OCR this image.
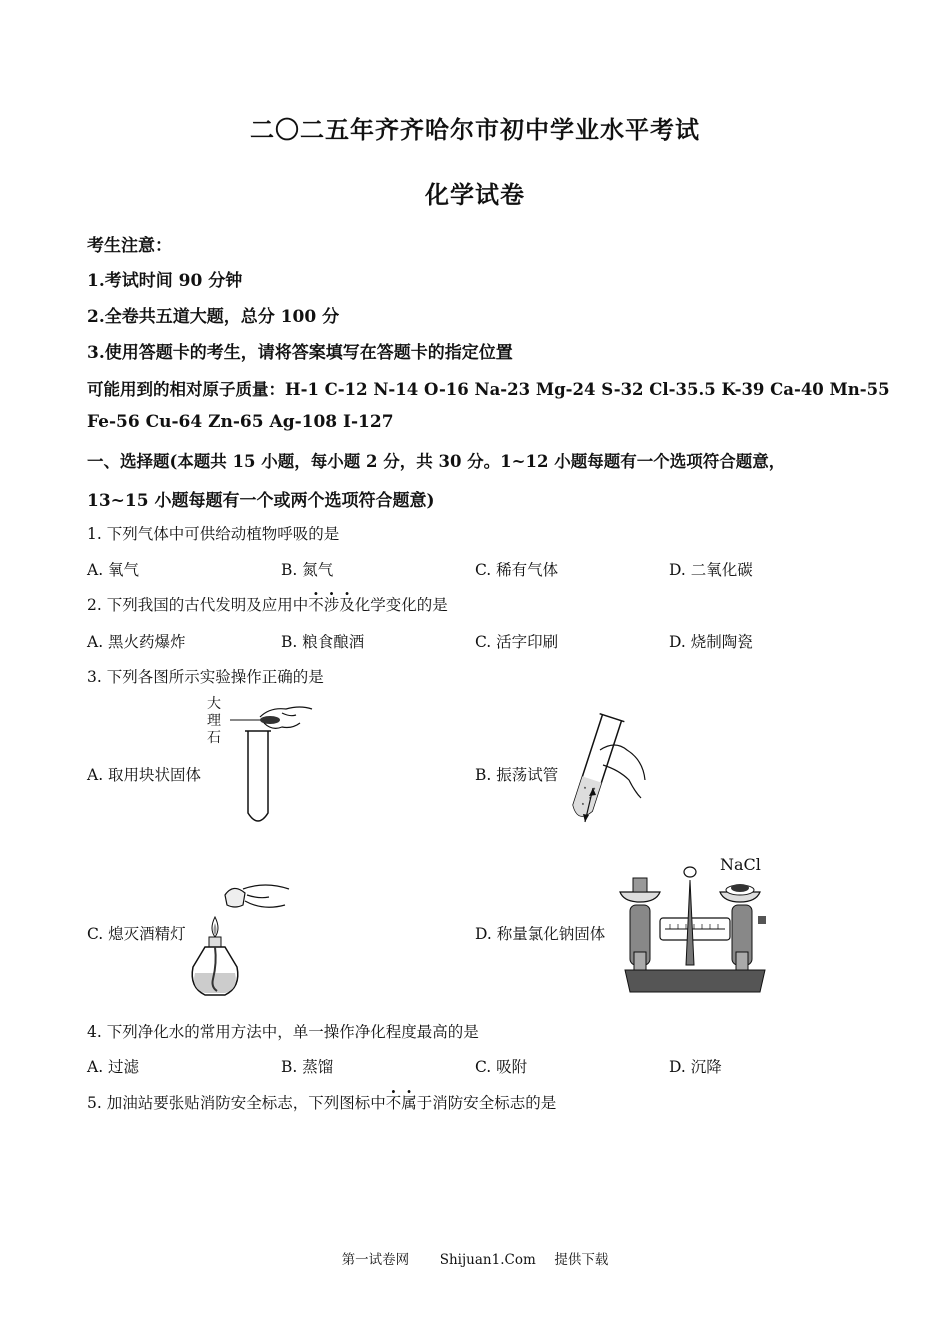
二〇二五年齐齐哈尔市初中学业水平考试
化学试卷
考生注意：
1.考试时间 90 分钟
2.全卷共五道大题，总分 100 分
3.使用答题卡的考生，请将答案填写在答题卡的指定位置
可能用到的相对原子质量：H-1 C-12 N-14 O-16 Na-23 Mg-24 S-32 Cl-35.5 K-39 Ca-40 Mn-55
Fe-56 Cu-64 Zn-65 Ag-108 I-127
一、选择题(本题共 15 小题，每小题 2 分，共 30 分。1~12 小题每题有一个选项符合题意，
13~15 小题每题有一个或两个选项符合题意)
1. 下列气体中可供给动植物呼吸的是
A. 氧气	B. 氮气	C. 稀有气体	D. 二氧化碳
2. 下列我国的古代发明及应用中不涉及化学变化的是
A. 黑火药爆炸	B. 粮食酿酒	C. 活字印刷	D. 烧制陶瓷
3. 下列各图所示实验操作正确的是
A. 取用块状固体	B. 振荡试管
C. 熄灭酒精灯	D. 称量氯化钠固体
大
理
石
NaCl
4. 下列净化水的常用方法中，单一操作净化程度最高的是
A. 过滤	B. 蒸馏	C. 吸附	D. 沉降
5. 加油站要张贴消防安全标志，下列图标中不属于消防安全标志的是
第一试卷网 Shijuan1.Com 提供下载
